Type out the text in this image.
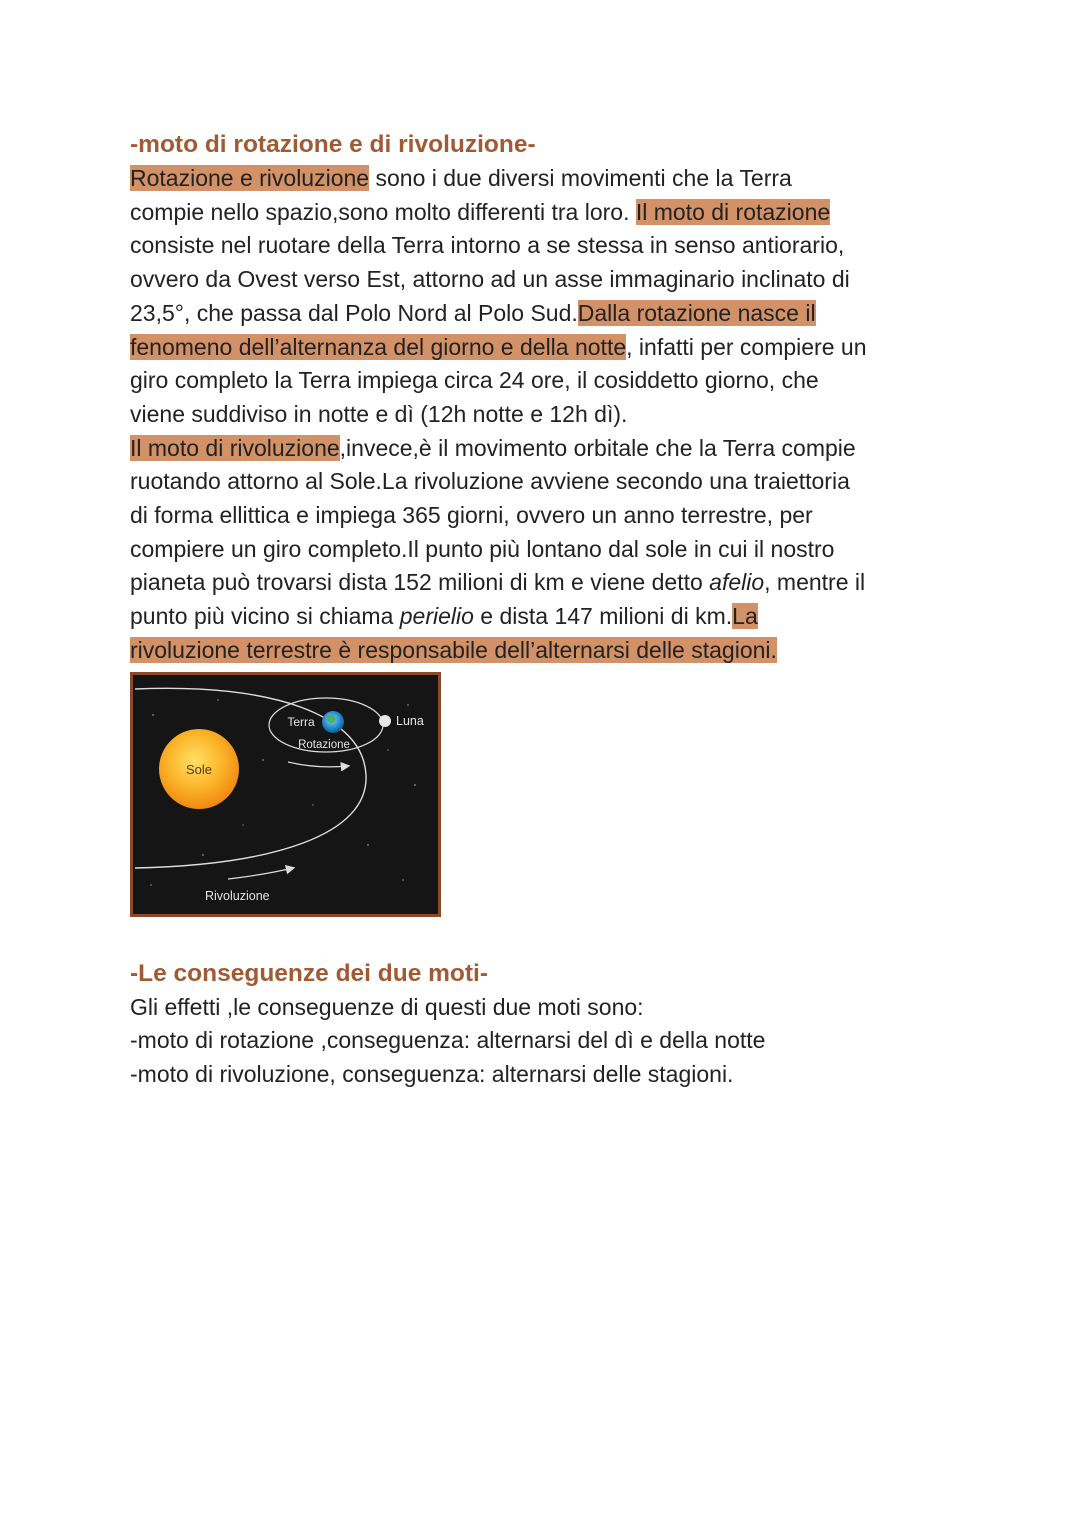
-moto di rotazione e di rivoluzione-
Rotazione e rivoluzione sono i due diversi movimenti che la Terra
compie nello spazio,sono molto differenti tra loro. Il moto di rotazione
consiste nel ruotare della Terra intorno a se stessa in senso antiorario,
ovvero da Ovest verso Est, attorno ad un asse immaginario inclinato di
23,5°, che passa dal Polo Nord al Polo Sud.Dalla rotazione nasce il
fenomeno dell’alternanza del giorno e della notte, infatti per compiere un
giro completo la Terra impiega circa 24 ore, il cosiddetto giorno, che
viene suddiviso in notte e dì (12h notte e 12h dì).
Il moto di rivoluzione,invece,è il movimento orbitale che la Terra compie
ruotando attorno al Sole.La rivoluzione avviene secondo una traiettoria
di forma ellittica e impiega 365 giorni, ovvero un anno terrestre, per
compiere un giro completo.Il punto più lontano dal sole in cui il nostro
pianeta può trovarsi dista 152 milioni di km e viene detto afelio, mentre il
punto più vicino si chiama perielio e dista 147 milioni di km.La
rivoluzione terrestre è responsabile dell’alternarsi delle stagioni.
Sole
Terra
Rotazione
Luna
Rivoluzione
-Le conseguenze dei due moti-
Gli effetti ,le conseguenze di questi due moti sono:
-moto di rotazione ,conseguenza: alternarsi del dì e della notte
-moto di rivoluzione, conseguenza: alternarsi delle stagioni.
